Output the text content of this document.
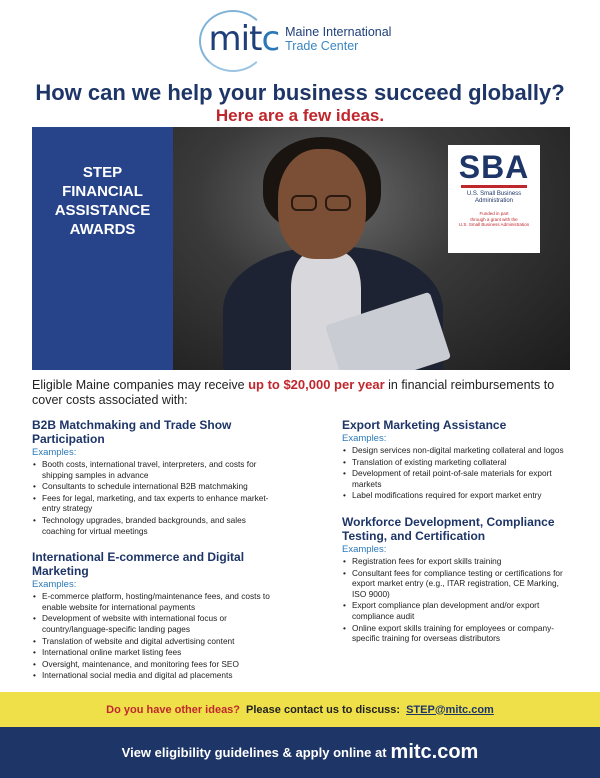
mitc Maine International
Trade Center
How can we help your business succeed globally?
Here are a few ideas.
STEP
FINANCIAL
ASSISTANCE
AWARDS
SBA
U.S. Small Business
Administration
Funded in part
through a grant with the
U.S. Small Business Administration
Eligible Maine companies may receive up to $20,000 per year in financial reimbursements to cover costs associated with:
B2B Matchmaking and Trade Show Participation
Examples:
• Booth costs, international travel, interpreters, and costs for shipping samples in advance
• Consultants to schedule international B2B matchmaking
• Fees for legal, marketing, and tax experts to enhance market-entry strategy
• Technology upgrades, branded backgrounds, and sales coaching for virtual meetings
International E-commerce and Digital Marketing
Examples:
• E-commerce platform, hosting/maintenance fees, and costs to enable website for international payments
• Development of website with international focus or country/language-specific landing pages
• Translation of website and digital advertising content
• International online market listing fees
• Oversight, maintenance, and monitoring fees for SEO
• International social media and digital ad placements
Export Marketing Assistance
Examples:
• Design services non-digital marketing collateral and logos
• Translation of existing marketing collateral
• Development of retail point-of-sale materials for export markets
• Label modifications required for export market entry
Workforce Development, Compliance Testing, and Certification
Examples:
• Registration fees for export skills training
• Consultant fees for compliance testing or certifications for export market entry (e.g., ITAR registration, CE Marking, ISO 9000)
• Export compliance plan development and/or export compliance audit
• Online export skills training for employees or company-specific training for overseas distributors
Do you have other ideas? Please contact us to discuss: STEP@mitc.com
View eligibility guidelines & apply online at mitc.com
